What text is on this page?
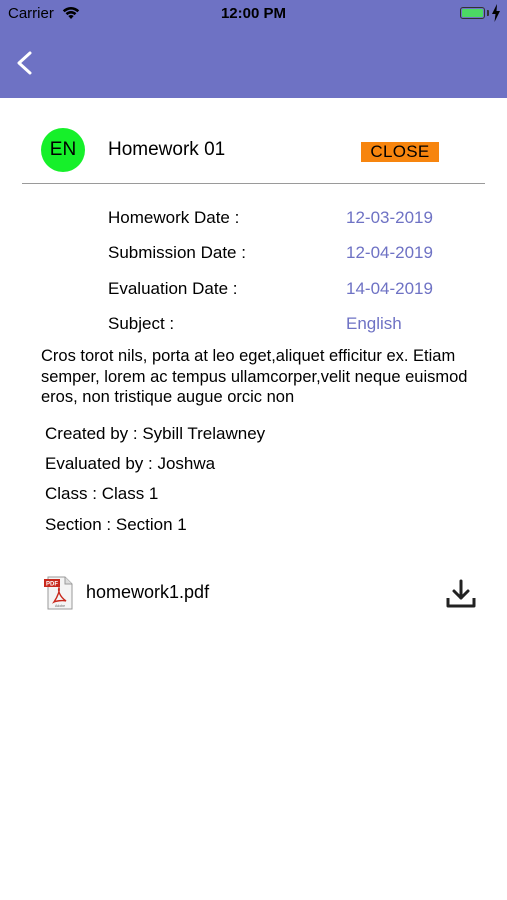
Carrier	12:00 PM
EN	Homework 01	CLOSE
Homework Date :	12-03-2019
Submission Date :	12-04-2019
Evaluation Date :	14-04-2019
Subject :	English
Cros torot nils, porta at leo eget,aliquet efficitur ex. Etiam semper, lorem ac tempus ullamcorper,velit neque euismod eros, non tristique augue orcic non
Created by : Sybill Trelawney
Evaluated by : Joshwa
Class : Class 1
Section : Section 1
PDF
Adobe
homework1.pdf
